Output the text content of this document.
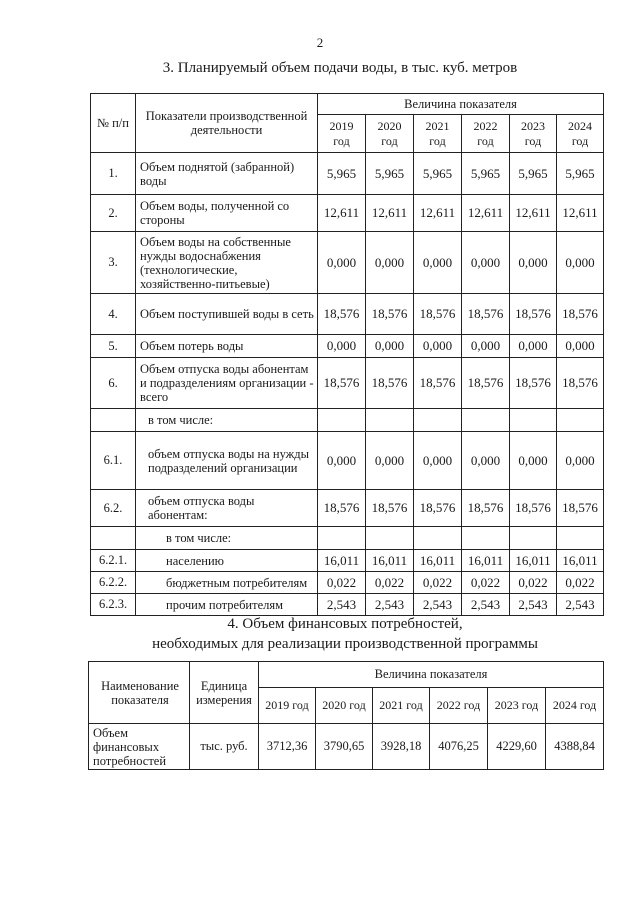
2
3. Планируемый объем подачи воды, в тыс. куб. метров
№ п/п	Показатели производственной деятельности	Величина показателя					
		2019 год	2020 год	2021 год	2022 год	2023 год	2024 год
1.	Объем поднятой (забранной) воды	5,965	5,965	5,965	5,965	5,965	5,965
2.	Объем воды, полученной со стороны	12,611	12,611	12,611	12,611	12,611	12,611
3.	Объем воды на собственные нужды водоснабжения (технологические, хозяйственно-питьевые)	0,000	0,000	0,000	0,000	0,000	0,000
4.	Объем поступившей воды в сеть	18,576	18,576	18,576	18,576	18,576	18,576
5.	Объем потерь воды	0,000	0,000	0,000	0,000	0,000	0,000
6.	Объем отпуска воды абонентам и подразделениям организации - всего	18,576	18,576	18,576	18,576	18,576	18,576
	в том числе:						
6.1.	объем отпуска воды на нужды подразделений организации	0,000	0,000	0,000	0,000	0,000	0,000
6.2.	объем отпуска воды абонентам:	18,576	18,576	18,576	18,576	18,576	18,576
	в том числе:						
6.2.1.	населению	16,011	16,011	16,011	16,011	16,011	16,011
6.2.2.	бюджетным потребителям	0,022	0,022	0,022	0,022	0,022	0,022
6.2.3.	прочим потребителям	2,543	2,543	2,543	2,543	2,543	2,543
4. Объем финансовых потребностей,
необходимых для реализации производственной программы
Наименование показателя	Единица измерения	Величина показателя					
		2019 год	2020 год	2021 год	2022 год	2023 год	2024 год
Объем финансовых потребностей	тыс. руб.	3712,36	3790,65	3928,18	4076,25	4229,60	4388,84
